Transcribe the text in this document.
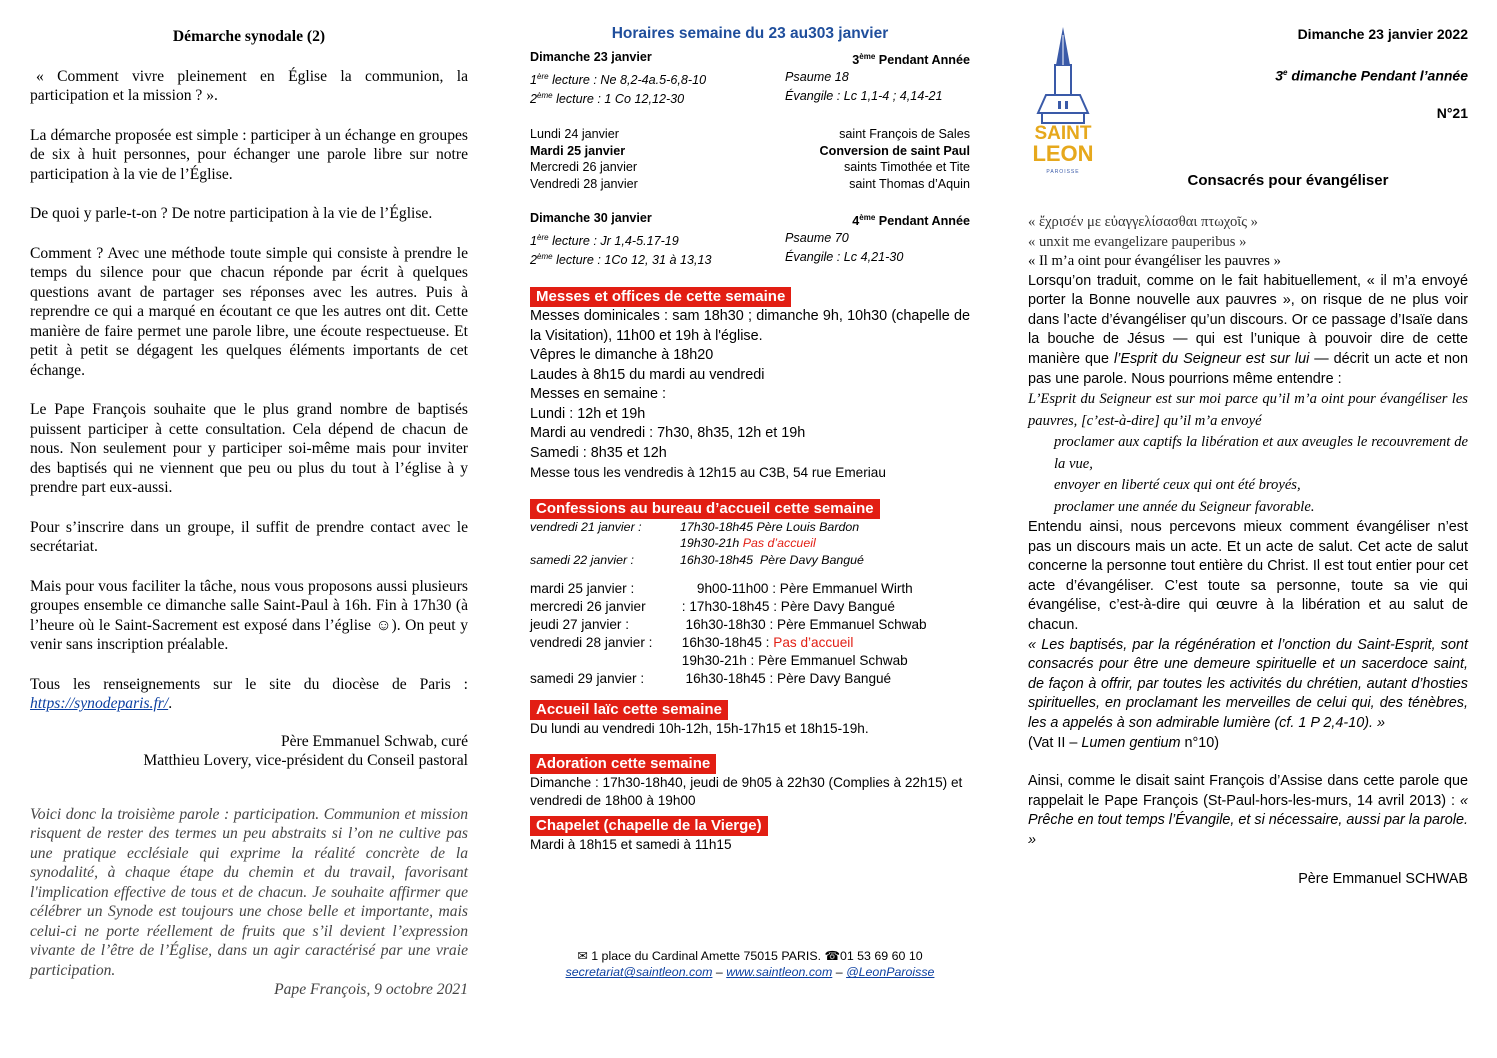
Démarche synodale (2)

« Comment vivre pleinement en Église la communion, la participation et la mission ? ».

La démarche proposée est simple : participer à un échange en groupes de six à huit personnes, pour échanger une parole libre sur notre participation à la vie de l’Église.

De quoi y parle-t-on ? De notre participation à la vie de l’Église.

Comment ? Avec une méthode toute simple qui consiste à prendre le temps du silence pour que chacun réponde par écrit à quelques questions avant de partager ses réponses avec les autres. Puis à reprendre ce qui a marqué en écoutant ce que les autres ont dit. Cette manière de faire permet une parole libre, une écoute respectueuse. Et petit à petit se dégagent les quelques éléments importants de cet échange.

Le Pape François souhaite que le plus grand nombre de baptisés puissent participer à cette consultation. Cela dépend de chacun de nous. Non seulement pour y participer soi-même mais pour inviter des baptisés qui ne viennent que peu ou plus du tout à l’église à y prendre part eux-aussi.

Pour s’inscrire dans un groupe, il suffit de prendre contact avec le secrétariat.

Mais pour vous faciliter la tâche, nous vous proposons aussi plusieurs groupes ensemble ce dimanche salle Saint-Paul à 16h. Fin à 17h30 (à l’heure où le Saint-Sacrement est exposé dans l’église ☺). On peut y venir sans inscription préalable.

Tous les renseignements sur le site du diocèse de Paris : https://synodeparis.fr/.

Père Emmanuel Schwab, curé

Matthieu Lovery, vice-président du Conseil pastoral

Voici donc la troisième parole : participation. Communion et mission risquent de rester des termes un peu abstraits si l’on ne cultive pas une pratique ecclésiale qui exprime la réalité concrète de la synodalité, à chaque étape du chemin et du travail, favorisant l'implication effective de tous et de chacun. Je souhaite affirmer que célébrer un Synode est toujours une chose belle et importante, mais celui-ci ne porte réellement de fruits que s’il devient l’expression vivante de l’être de l’Église, dans un agir caractérisé par une vraie participation.

Pape François, 9 octobre 2021

Horaires semaine du 23 au303 janvier
Dimanche 23 janvier	3ème Pendant Année
1ère lecture : Ne 8,2-4a.5-6,8-10	Psaume 18
2ème lecture : 1 Co 12,12-30	Évangile : Lc 1,1-4 ; 4,14-21
Lundi 24 janvier	saint François de Sales
Mardi 25 janvier	Conversion de saint Paul
Mercredi 26 janvier	saints Timothée et Tite
Vendredi 28 janvier	saint Thomas d’Aquin
Dimanche 30 janvier	4ème Pendant Année
1ère lecture : Jr 1,4-5.17-19	Psaume 70
2ème lecture : 1Co 12, 31 à 13,13	Évangile : Lc 4,21-30
Messes et offices de cette semaine
Messes dominicales : sam 18h30 ; dimanche 9h, 10h30 (chapelle de la Visitation), 11h00 et 19h à l'église.
Vêpres le dimanche à 18h20
Laudes à 8h15 du mardi au vendredi
Messes en semaine :
Lundi : 12h et 19h
Mardi au vendredi : 7h30, 8h35, 12h et 19h
Samedi : 8h35 et 12h
Messe tous les vendredis à 12h15 au C3B, 54 rue Emeriau
Confessions au bureau d’accueil cette semaine
vendredi 21 janvier :	17h30-18h45 Père Louis Bardon
19h30-21h Pas d’accueil
samedi 22 janvier :	16h30-18h45  Père Davy Bangué
mardi 25 janvier :	9h00-11h00 : Père Emmanuel Wirth
mercredi 26 janvier	: 17h30-18h45 : Père Davy Bangué
jeudi 27 janvier :	16h30-18h30 : Père Emmanuel Schwab
vendredi 28 janvier :	16h30-18h45 : Pas d’accueil
19h30-21h : Père Emmanuel Schwab
samedi 29 janvier :	16h30-18h45 : Père Davy Bangué
Accueil laïc cette semaine
Du lundi au vendredi 10h-12h, 15h-17h15 et 18h15-19h.
Adoration cette semaine
Dimanche : 17h30-18h40, jeudi de 9h05 à 22h30 (Complies à 22h15) et vendredi de 18h00 à 19h00
Chapelet (chapelle de la Vierge)
Mardi à 18h15 et samedi à 11h15
✉ 1 place du Cardinal Amette 75015 PARIS. ☎01 53 69 60 10
secretariat@saintleon.com – www.saintleon.com – @LeonParoisse
SAINT
LEON
PAROISSE
Dimanche 23 janvier 2022
3e dimanche Pendant l’année
N°21
Consacrés pour évangéliser
« ἔχρισέν με εὐαγγελίσασθαι πτωχοῖς »
« unxit me evangelizare pauperibus »
« Il m’a oint pour évangéliser les pauvres »
Lorsqu’on traduit, comme on le fait habituellement, « il m’a envoyé porter la Bonne nouvelle aux pauvres », on risque de ne plus voir dans l’acte d’évangéliser qu’un discours. Or ce passage d’Isaïe dans la bouche de Jésus — qui est l’unique à pouvoir dire de cette manière que l’Esprit du Seigneur est sur lui — décrit un acte et non pas une parole. Nous pourrions même entendre :
L’Esprit du Seigneur est sur moi parce qu’il m’a oint pour évangéliser les pauvres, [c’est-à-dire] qu’il m’a envoyé
proclamer aux captifs la libération et aux aveugles le recouvrement de la vue,
envoyer en liberté ceux qui ont été broyés,
proclamer une année du Seigneur favorable.
Entendu ainsi, nous percevons mieux comment évangéliser n’est pas un discours mais un acte. Et un acte de salut. Cet acte de salut concerne la personne tout entière du Christ. Il est tout entier pour cet acte d’évangéliser. C’est toute sa personne, toute sa vie qui évangélise, c’est-à-dire qui œuvre à la libération et au salut de chacun.
« Les baptisés, par la régénération et l’onction du Saint-Esprit, sont consacrés pour être une demeure spirituelle et un sacerdoce saint, de façon à offrir, par toutes les activités du chrétien, autant d’hosties spirituelles, en proclamant les merveilles de celui qui, des ténèbres, les a appelés à son admirable lumière (cf. 1 P 2,4-10). »
(Vat II – Lumen gentium n°10)
Ainsi, comme le disait saint François d’Assise dans cette parole que rappelait le Pape François (St-Paul-hors-les-murs, 14 avril 2013) : « Prêche en tout temps l’Évangile, et si nécessaire, aussi par la parole. »
Père Emmanuel SCHWAB
